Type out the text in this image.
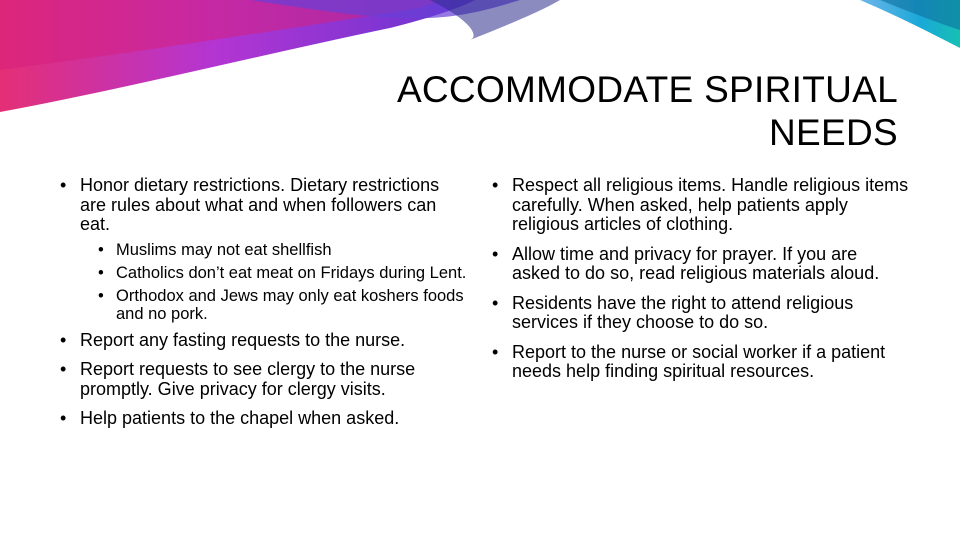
ACCOMMODATE SPIRITUAL
NEEDS
• Honor dietary restrictions. Dietary restrictions are rules about what and when followers can eat.
• Muslims may not eat shellfish
• Catholics don’t eat meat on Fridays during Lent.
• Orthodox and Jews may only eat koshers foods and no pork.
• Report any fasting requests to the nurse.
• Report requests to see clergy to the nurse promptly. Give privacy for clergy visits.
• Help patients to the chapel when asked.
• Respect all religious items. Handle religious items carefully. When asked, help patients apply religious articles of clothing.
• Allow time and privacy for prayer. If you are asked to do so, read religious materials aloud.
• Residents have the right to attend religious services if they choose to do so.
• Report to the nurse or social worker if a patient needs help finding spiritual resources.
